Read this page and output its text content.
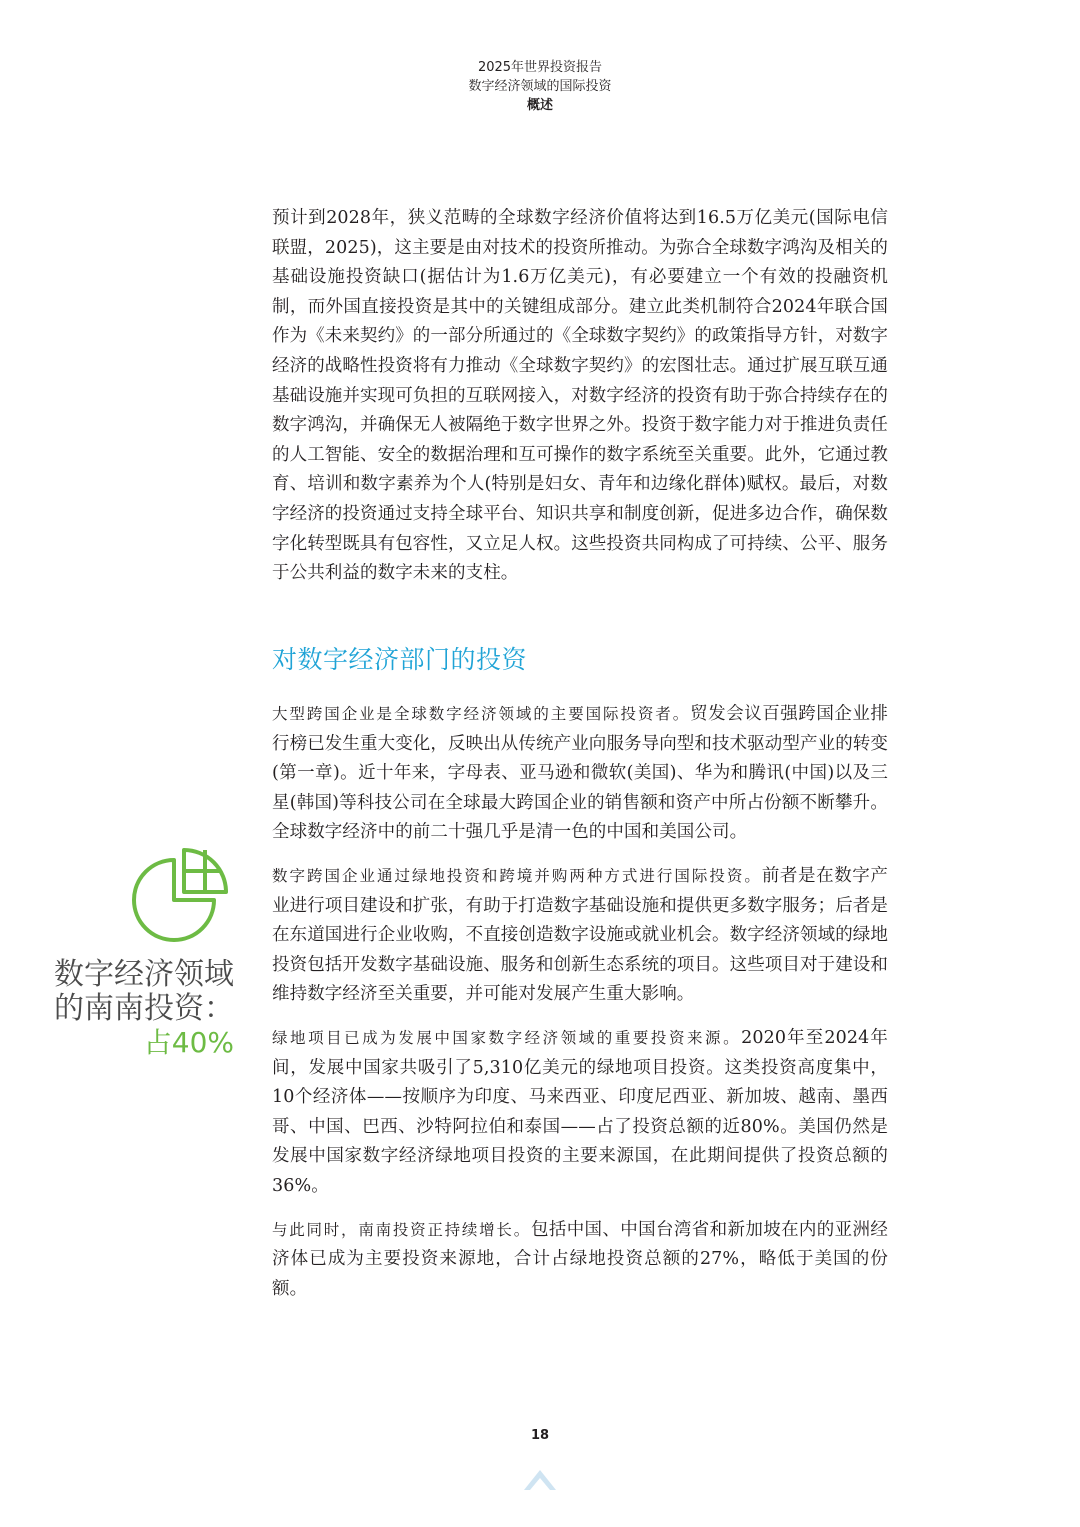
2025年世界投资报告
数字经济领域的国际投资
概述

预计到2028年，狭义范畴的全球数字经济价值将达到16.5万亿美元(国际电信联盟，2025)，这主要是由对技术的投资所推动。为弥合全球数字鸿沟及相关的基础设施投资缺口(据估计为1.6万亿美元)，有必要建立一个有效的投融资机制，而外国直接投资是其中的关键组成部分。建立此类机制符合2024年联合国作为《未来契约》的一部分所通过的《全球数字契约》的政策指导方针，对数字经济的战略性投资将有力推动《全球数字契约》的宏图壮志。通过扩展互联互通基础设施并实现可负担的互联网接入，对数字经济的投资有助于弥合持续存在的数字鸿沟，并确保无人被隔绝于数字世界之外。投资于数字能力对于推进负责任的人工智能、安全的数据治理和互可操作的数字系统至关重要。此外，它通过教育、培训和数字素养为个人(特别是妇女、青年和边缘化群体)赋权。最后，对数字经济的投资通过支持全球平台、知识共享和制度创新，促进多边合作，确保数字化转型既具有包容性，又立足人权。这些投资共同构成了可持续、公平、服务于公共利益的数字未来的支柱。

对数字经济部门的投资

大型跨国企业是全球数字经济领域的主要国际投资者。贸发会议百强跨国企业排行榜已发生重大变化，反映出从传统产业向服务导向型和技术驱动型产业的转变(第一章)。近十年来，字母表、亚马逊和微软(美国)、华为和腾讯(中国)以及三星(韩国)等科技公司在全球最大跨国企业的销售额和资产中所占份额不断攀升。全球数字经济中的前二十强几乎是清一色的中国和美国公司。

数字跨国企业通过绿地投资和跨境并购两种方式进行国际投资。前者是在数字产业进行项目建设和扩张，有助于打造数字基础设施和提供更多数字服务；后者是在东道国进行企业收购，不直接创造数字设施或就业机会。数字经济领域的绿地投资包括开发数字基础设施、服务和创新生态系统的项目。这些项目对于建设和维持数字经济至关重要，并可能对发展产生重大影响。

绿地项目已成为发展中国家数字经济领域的重要投资来源。2020年至2024年间，发展中国家共吸引了5,310亿美元的绿地项目投资。这类投资高度集中，10个经济体——按顺序为印度、马来西亚、印度尼西亚、新加坡、越南、墨西哥、中国、巴西、沙特阿拉伯和泰国——占了投资总额的近80%。美国仍然是发展中国家数字经济绿地项目投资的主要来源国，在此期间提供了投资总额的36%。

与此同时，南南投资正持续增长。包括中国、中国台湾省和新加坡在内的亚洲经济体已成为主要投资来源地，合计占绿地投资总额的27%，略低于美国的份额。

数字经济领域
的南南投资：
占40%
18
